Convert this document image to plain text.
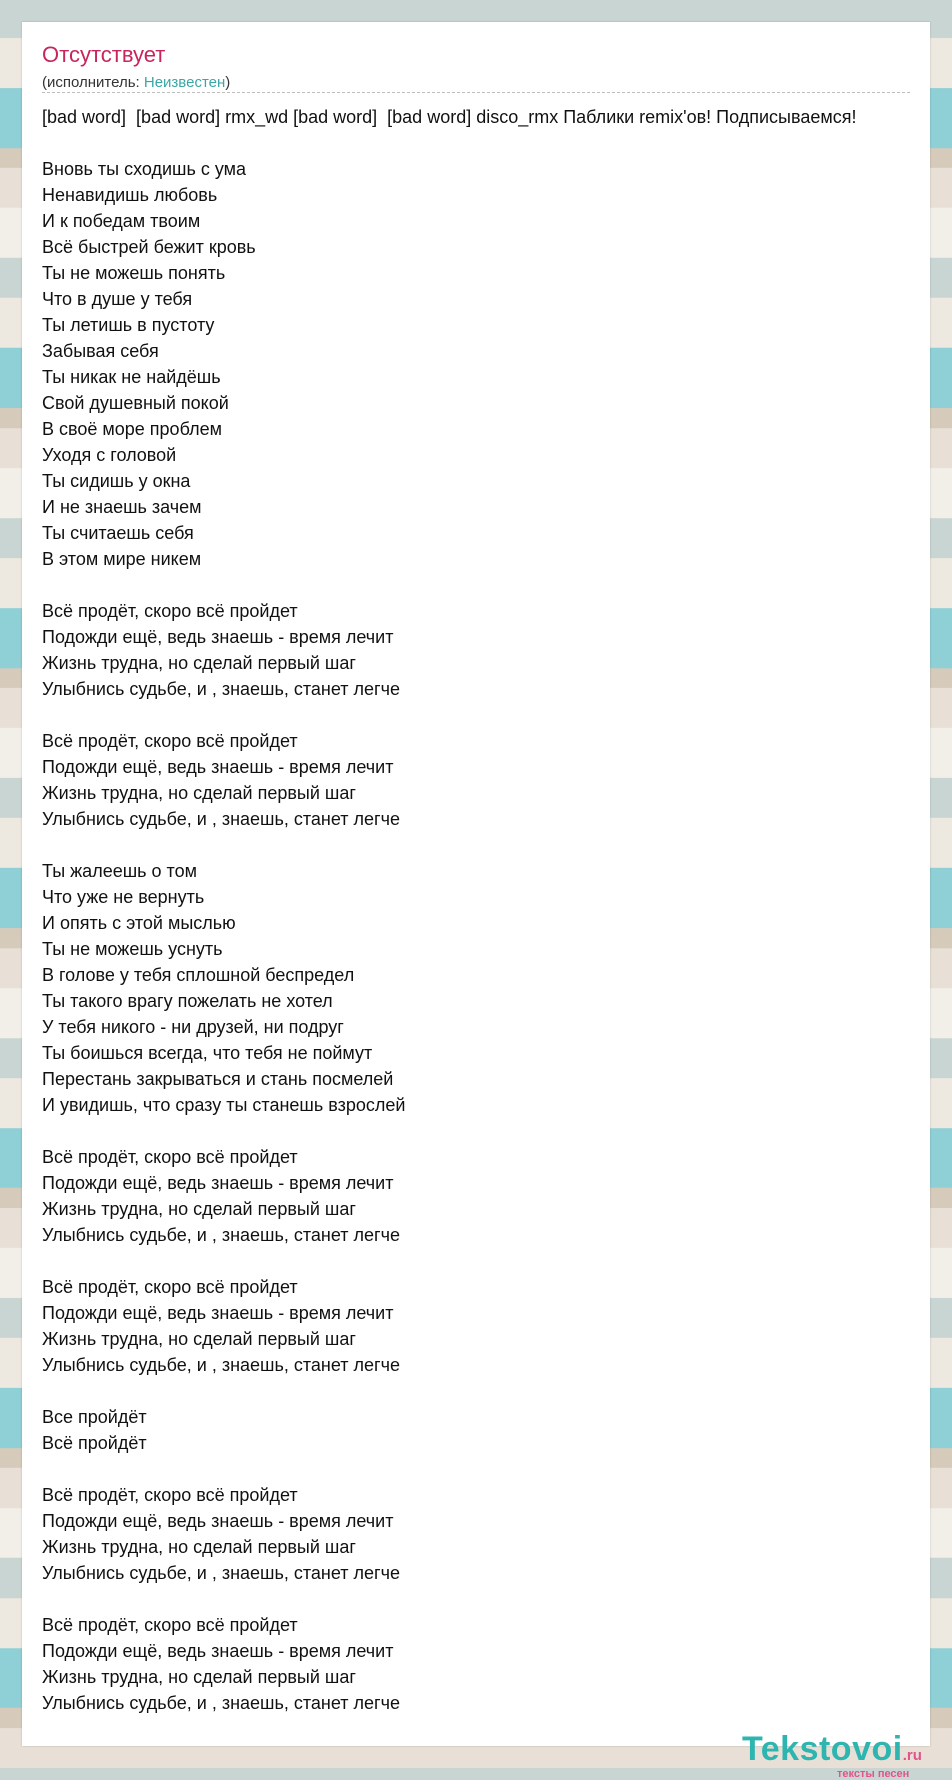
Отсутствует
(исполнитель: Неизвестен)
[bad word]  [bad word] rmx_wd [bad word]  [bad word] disco_rmx Паблики remix'ов! Подписываемся!

Вновь ты сходишь с ума
Ненавидишь любовь
И к победам твоим
Всё быстрей бежит кровь
Ты не можешь понять
Что в душе у тебя
Ты летишь в пустоту
Забывая себя
Ты никак не найдёшь
Свой душевный покой
В своё море проблем
Уходя с головой
Ты сидишь у окна
И не знаешь зачем
Ты считаешь себя
В этом мире никем

Всё продёт, скоро всё пройдет
Подожди ещё, ведь знаешь - время лечит
Жизнь трудна, но сделай первый шаг
Улыбнись судьбе, и , знаешь, станет легче

Всё продёт, скоро всё пройдет
Подожди ещё, ведь знаешь - время лечит
Жизнь трудна, но сделай первый шаг
Улыбнись судьбе, и , знаешь, станет легче

Ты жалеешь о том
Что уже не вернуть
И опять с этой мыслью
Ты не можешь уснуть
В голове у тебя сплошной беспредел
Ты такого врагу пожелать не хотел
У тебя никого - ни друзей, ни подруг
Ты боишься всегда, что тебя не поймут
Перестань закрываться и стань посмелей
И увидишь, что сразу ты станешь взрослей

Всё продёт, скоро всё пройдет
Подожди ещё, ведь знаешь - время лечит
Жизнь трудна, но сделай первый шаг
Улыбнись судьбе, и , знаешь, станет легче

Всё продёт, скоро всё пройдет
Подожди ещё, ведь знаешь - время лечит
Жизнь трудна, но сделай первый шаг
Улыбнись судьбе, и , знаешь, станет легче

Все пройдёт
Всё пройдёт

Всё продёт, скоро всё пройдет
Подожди ещё, ведь знаешь - время лечит
Жизнь трудна, но сделай первый шаг
Улыбнись судьбе, и , знаешь, станет легче

Всё продёт, скоро всё пройдет
Подожди ещё, ведь знаешь - время лечит
Жизнь трудна, но сделай первый шаг
Улыбнись судьбе, и , знаешь, станет легче
Tekstovoi.ru
тексты песен
